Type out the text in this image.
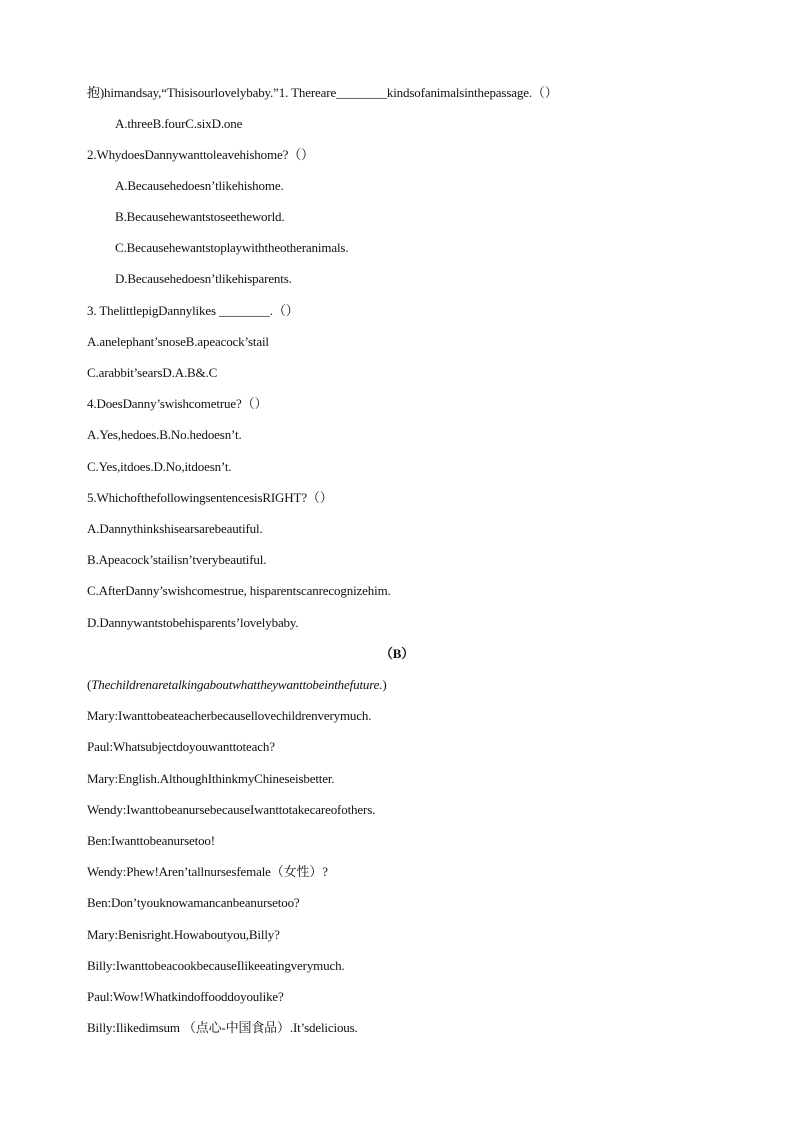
抱)himandsay,“Thisisourlovelybaby.”1. Thereare________kindsofanimalsinthepassage.（）
A.threeB.fourC.sixD.one
2.WhydoesDannywanttoleavehishome?（）
A.Becausehedoesn’tlikehishome.
B.Becausehewantstoseetheworld.
C.Becausehewantstoplaywiththeotheranimals.
D.Becausehedoesn’tlikehisparents.
3. ThelittlepigDannylikes ________.（）
A.anelephant’snoseB.apeacock’stail
C.arabbit’searsD.A.B&.C
4.DoesDanny’swishcometrue?（）
A.Yes,hedoes.B.No.hedoesn’t.
C.Yes,itdoes.D.No,itdoesn’t.
5.WhichofthefollowingsentencesisRIGHT?（）
A.Dannythinkshisearsarebeautiful.
B.Apeacock’stailisn’tverybeautiful.
C.AfterDanny’swishcomestrue, hisparentscanrecognizehim.
D.Dannywantstobehisparents’lovelybaby.
（B）
(Thechildrenaretalkingaboutwhattheywanttobeinthefuture.)
Mary:Iwanttobeateacherbecausellovechildrenverymuch.
Paul:Whatsubjectdoyouwanttoteach?
Mary:English.AlthoughIthinkmyChineseisbetter.
Wendy:IwanttobeanursebecauseIwanttotakecareofothers.
Ben:Iwanttobeanursetoo!
Wendy:Phew!Aren’tallnursesfemale（女性）?
Ben:Don’tyouknowamancanbeanursetoo?
Mary:Benisright.Howaboutyou,Billy?
Billy:IwanttobeacookbecauseIlikeeatingverymuch.
Paul:Wow!Whatkindoffooddoyoulike?
Billy:Ilikedimsum （点心-中国食品）.It’sdelicious.
